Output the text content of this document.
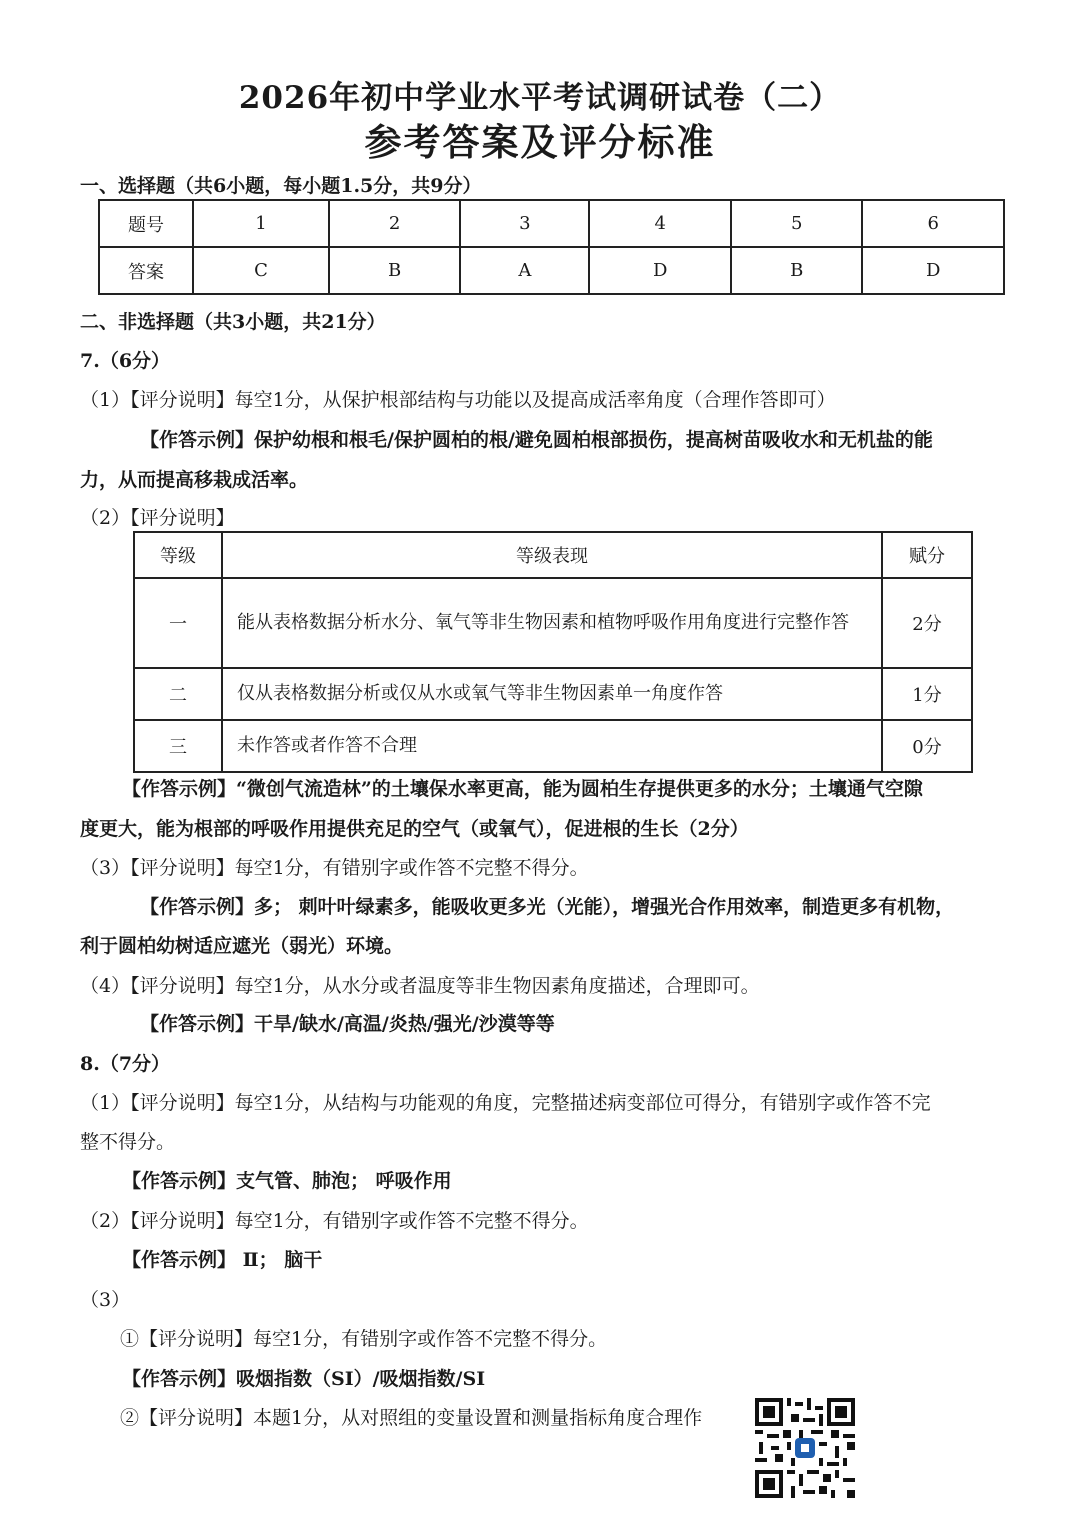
2026年初中学业水平考试调研试卷（二）
参考答案及评分标准
一、选择题（共6小题，每小题1.5分，共9分）
题号	1	2	3	4	5	6
答案	C	B	A	D	B	D
二、非选择题（共3小题，共21分）
7.（6分）
（1）【评分说明】每空1分，从保护根部结构与功能以及提高成活率角度（合理作答即可）
【作答示例】保护幼根和根毛/保护圆柏的根/避免圆柏根部损伤，提高树苗吸收水和无机盐的能
力，从而提高移栽成活率。
（2）【评分说明】
等级	等级表现	赋分
一	能从表格数据分析水分、氧气等非生物因素和植物呼吸作用角度进行完整作答	2分
二	仅从表格数据分析或仅从水或氧气等非生物因素单一角度作答	1分
三	未作答或者作答不合理	0分
【作答示例】“微创气流造林”的土壤保水率更高，能为圆柏生存提供更多的水分；土壤通气空隙
度更大，能为根部的呼吸作用提供充足的空气（或氧气），促进根的生长（2分）
（3）【评分说明】每空1分，有错别字或作答不完整不得分。
【作答示例】多； 刺叶叶绿素多，能吸收更多光（光能），增强光合作用效率，制造更多有机物，
利于圆柏幼树适应遮光（弱光）环境。
（4）【评分说明】每空1分，从水分或者温度等非生物因素角度描述，合理即可。
【作答示例】干旱/缺水/高温/炎热/强光/沙漠等等
8.（7分）
（1）【评分说明】每空1分，从结构与功能观的角度，完整描述病变部位可得分，有错别字或作答不完
整不得分。
【作答示例】支气管、肺泡； 呼吸作用
（2）【评分说明】每空1分，有错别字或作答不完整不得分。
【作答示例】 Ⅱ； 脑干
（3）
①【评分说明】每空1分，有错别字或作答不完整不得分。
【作答示例】吸烟指数（SI）/吸烟指数/SI
②【评分说明】本题1分，从对照组的变量设置和测量指标角度合理作
